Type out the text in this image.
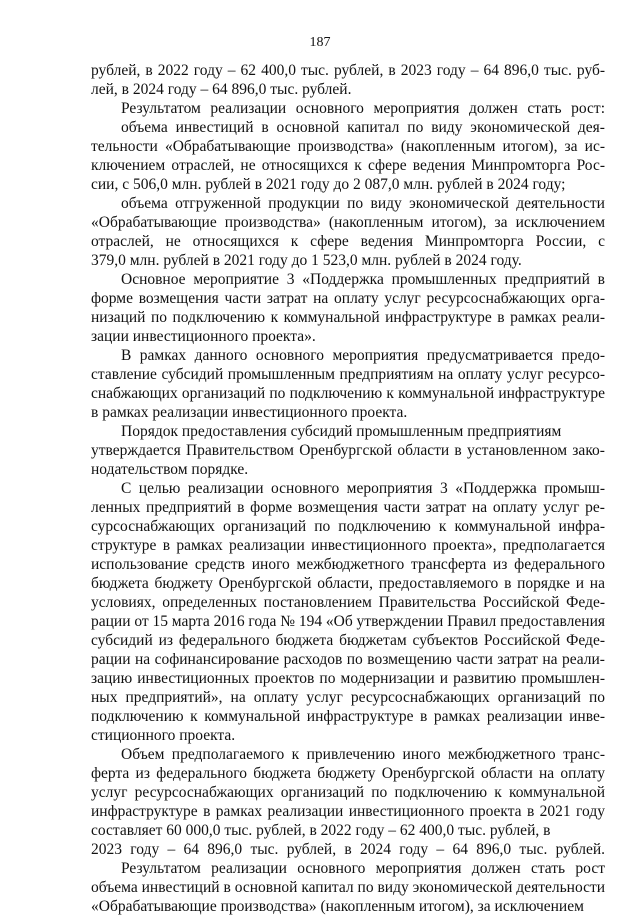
187
рублей, в 2022 году – 62 400,0 тыс. рублей, в 2023 году – 64 896,0 тыс. руб-
лей, в 2024 году – 64 896,0 тыс. рублей.
Результатом реализации основного мероприятия должен стать рост:
объема инвестиций в основной капитал по виду экономической дея-
тельности «Обрабатывающие производства» (накопленным итогом), за ис-
ключением отраслей, не относящихся к сфере ведения Минпромторга Рос-
сии, с 506,0 млн. рублей в 2021 году до 2 087,0 млн. рублей в 2024 году;
объема отгруженной продукции по виду экономической деятельности
«Обрабатывающие производства» (накопленным итогом), за исключением
отраслей, не относящихся к сфере ведения Минпромторга России, с
379,0 млн. рублей в 2021 году до 1 523,0 млн. рублей в 2024 году.
Основное мероприятие 3 «Поддержка промышленных предприятий в
форме возмещения части затрат на оплату услуг ресурсоснабжающих орга-
низаций по подключению к коммунальной инфраструктуре в рамках реали-
зации инвестиционного проекта».
В рамках данного основного мероприятия предусматривается предо-
ставление субсидий промышленным предприятиям на оплату услуг ресурсо-
снабжающих организаций по подключению к коммунальной инфраструктуре
в рамках реализации инвестиционного проекта.
Порядок предоставления субсидий промышленным предприятиям
утверждается Правительством Оренбургской области в установленном зако-
нодательством порядке.
С целью реализации основного мероприятия 3 «Поддержка промыш-
ленных предприятий в форме возмещения части затрат на оплату услуг ре-
сурсоснабжающих организаций по подключению к коммунальной инфра-
структуре в рамках реализации инвестиционного проекта», предполагается
использование средств иного межбюджетного трансферта из федерального
бюджета бюджету Оренбургской области, предоставляемого в порядке и на
условиях, определенных постановлением Правительства Российской Феде-
рации от 15 марта 2016 года № 194 «Об утверждении Правил предоставления
субсидий из федерального бюджета бюджетам субъектов Российской Феде-
рации на софинансирование расходов по возмещению части затрат на реали-
зацию инвестиционных проектов по модернизации и развитию промышлен-
ных предприятий», на оплату услуг ресурсоснабжающих организаций по
подключению к коммунальной инфраструктуре в рамках реализации инве-
стиционного проекта.
Объем предполагаемого к привлечению иного межбюджетного транс-
ферта из федерального бюджета бюджету Оренбургской области на оплату
услуг ресурсоснабжающих организаций по подключению к коммунальной
инфраструктуре в рамках реализации инвестиционного проекта в 2021 году
составляет 60 000,0 тыс. рублей, в 2022 году – 62 400,0 тыс. рублей, в
2023 году – 64 896,0 тыс. рублей, в 2024 году – 64 896,0 тыс. рублей.
Результатом реализации основного мероприятия должен стать рост
объема инвестиций в основной капитал по виду экономической деятельности
«Обрабатывающие производства» (накопленным итогом), за исключением
